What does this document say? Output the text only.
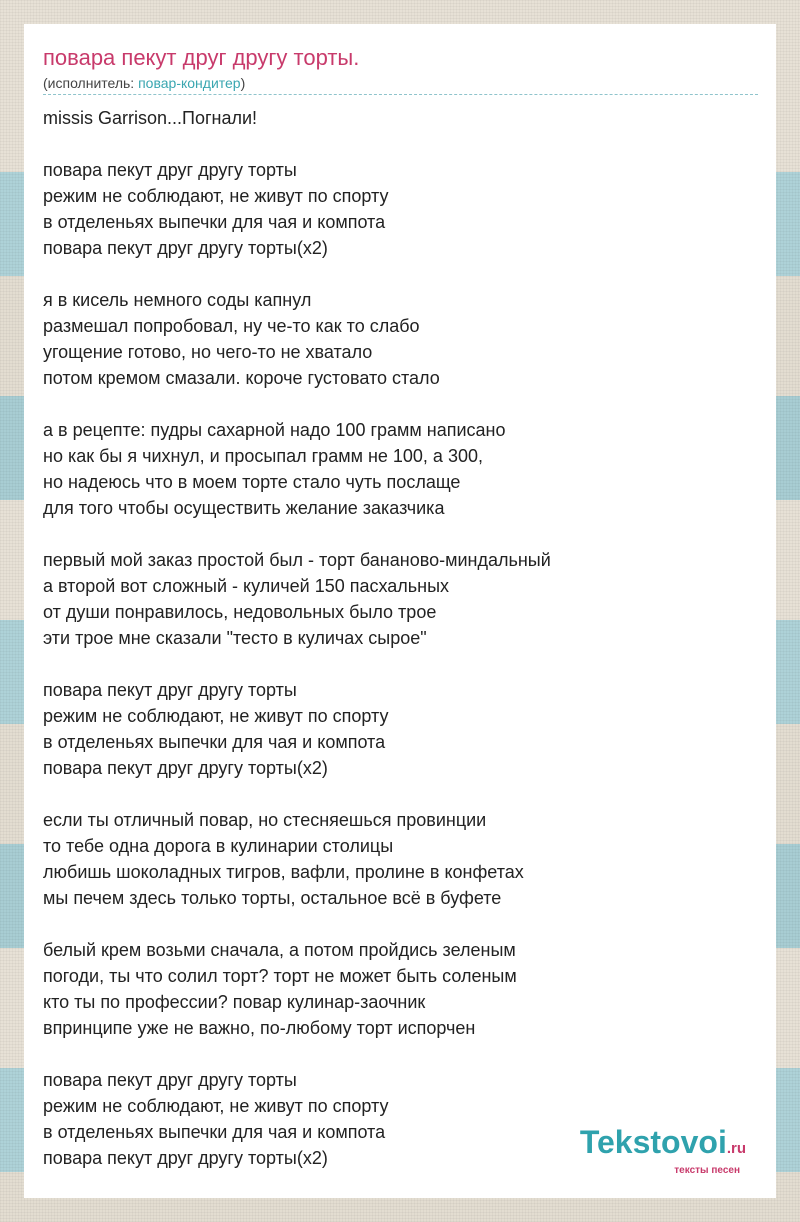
повара пекут друг другу торты.
(исполнитель: повар-кондитер)
missis Garrison...Погнали!
повара пекут друг другу торты
режим не соблюдают, не живут по спорту
в отделеньях выпечки для чая и компота
повара пекут друг другу торты(x2)
я в кисель немного соды капнул
размешал попробовал, ну че-то как то слабо
угощение готово, но чего-то не хватало
потом кремом смазали. короче густовато стало
а в рецепте: пудры сахарной надо 100 грамм написано
но как бы я чихнул, и просыпал грамм не 100, а 300,
но надеюсь что в моем торте стало чуть послаще
для того чтобы осуществить желание заказчика
первый мой заказ простой был - торт бананово-миндальный
а второй вот сложный - куличей 150 пасхальных
от души понравилось, недовольных было трое
эти трое мне сказали "тесто в куличах сырое"
повара пекут друг другу торты
режим не соблюдают, не живут по спорту
в отделеньях выпечки для чая и компота
повара пекут друг другу торты(x2)
если ты отличный повар, но стесняешься провинции
то тебе одна дорога в кулинарии столицы
любишь шоколадных тигров, вафли, пролине в конфетах
мы печем здесь только торты, остальное всё в буфете
белый крем возьми сначала, а потом пройдись зеленым
погоди, ты что солил торт? торт не может быть соленым
кто ты по профессии? повар кулинар-заочник
впринципе уже не важно, по-любому торт испорчен
повара пекут друг другу торты
режим не соблюдают, не живут по спорту
в отделеньях выпечки для чая и компота
повара пекут друг другу торты(x2)	Tekstovoi.ru
тексты песен
